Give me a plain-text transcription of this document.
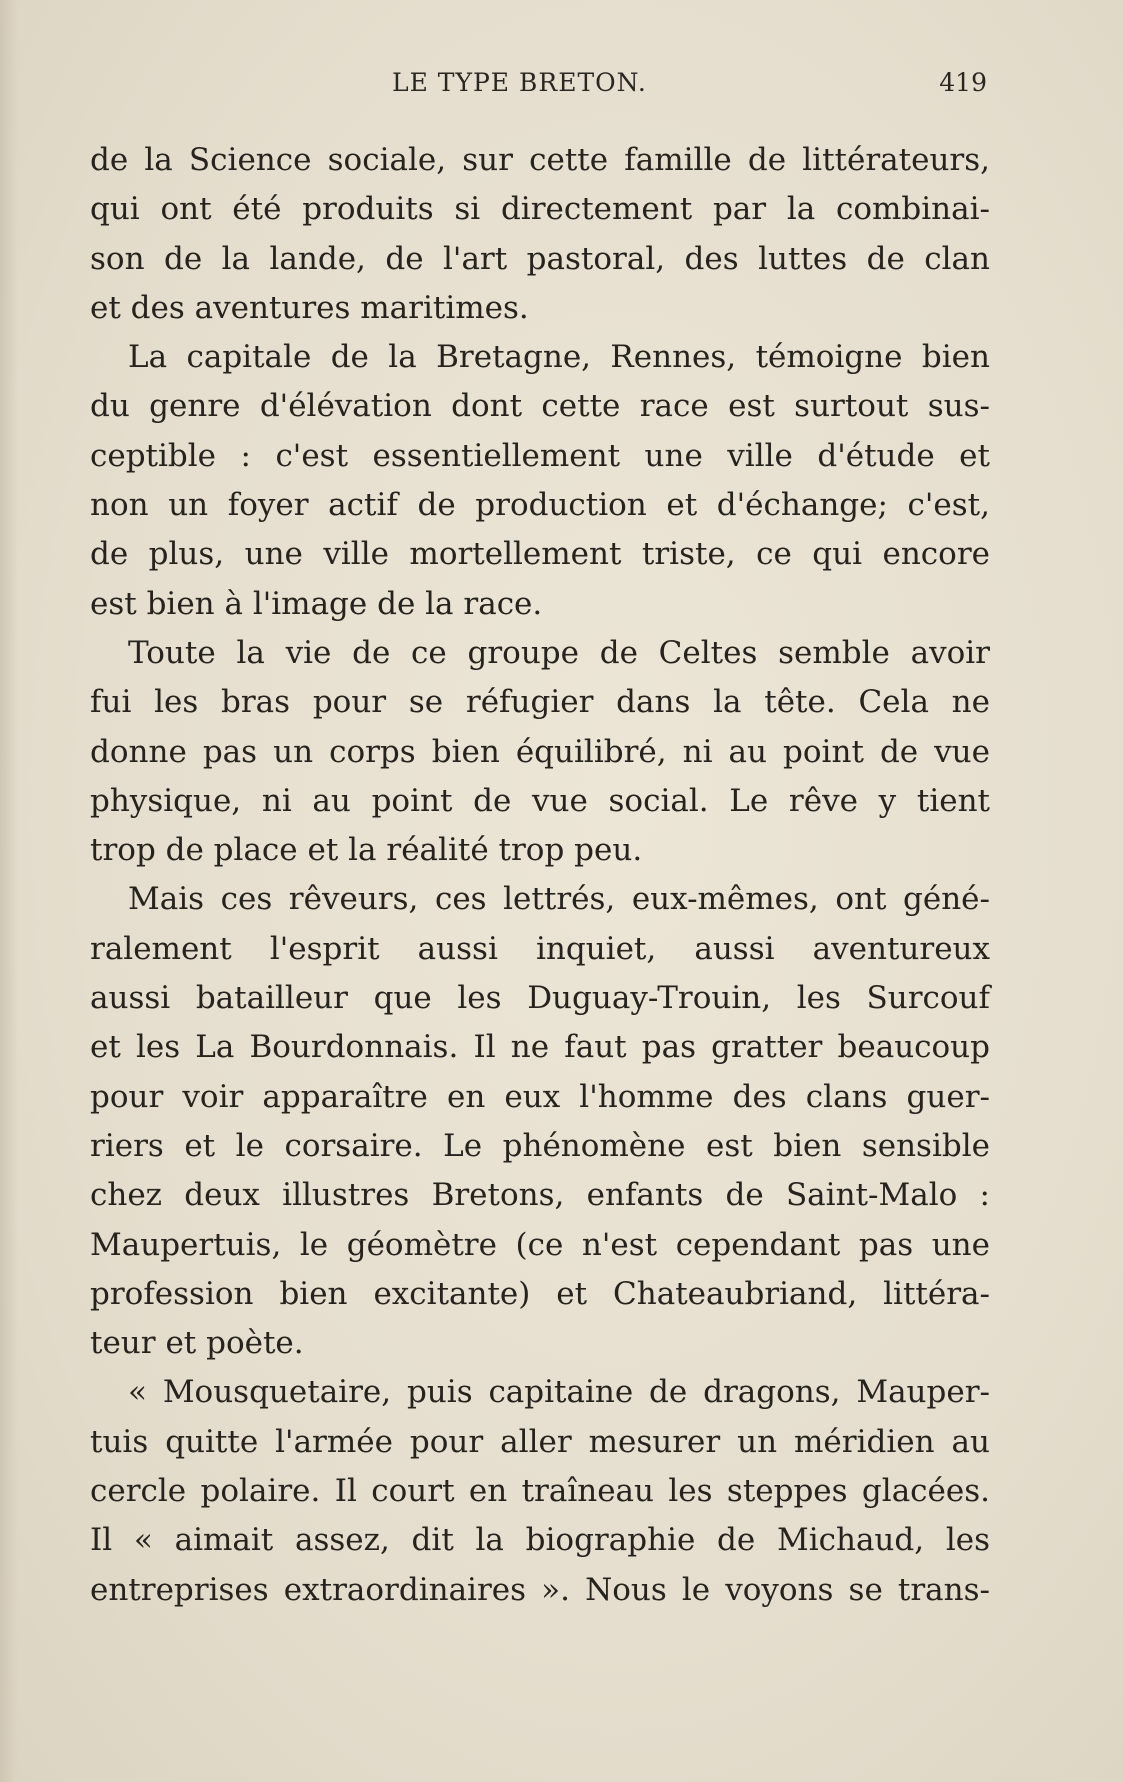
LE TYPE BRETON.	419
de la Science sociale, sur cette famille de littérateurs,
qui ont été produits si directement par la combinai-
son de la lande, de l'art pastoral, des luttes de clan
et des aventures maritimes.
La capitale de la Bretagne, Rennes, témoigne bien
du genre d'élévation dont cette race est surtout sus-
ceptible : c'est essentiellement une ville d'étude et
non un foyer actif de production et d'échange; c'est,
de plus, une ville mortellement triste, ce qui encore
est bien à l'image de la race.
Toute la vie de ce groupe de Celtes semble avoir
fui les bras pour se réfugier dans la tête. Cela ne
donne pas un corps bien équilibré, ni au point de vue
physique, ni au point de vue social. Le rêve y tient
trop de place et la réalité trop peu.
Mais ces rêveurs, ces lettrés, eux-mêmes, ont géné-
ralement l'esprit aussi inquiet, aussi aventureux
aussi batailleur que les Duguay-Trouin, les Surcouf
et les La Bourdonnais. Il ne faut pas gratter beaucoup
pour voir apparaître en eux l'homme des clans guer-
riers et le corsaire. Le phénomène est bien sensible
chez deux illustres Bretons, enfants de Saint-Malo :
Maupertuis, le géomètre (ce n'est cependant pas une
profession bien excitante) et Chateaubriand, littéra-
teur et poète.
« Mousquetaire, puis capitaine de dragons, Mauper-
tuis quitte l'armée pour aller mesurer un méridien au
cercle polaire. Il court en traîneau les steppes glacées.
Il « aimait assez, dit la biographie de Michaud, les
entreprises extraordinaires ». Nous le voyons se trans-
